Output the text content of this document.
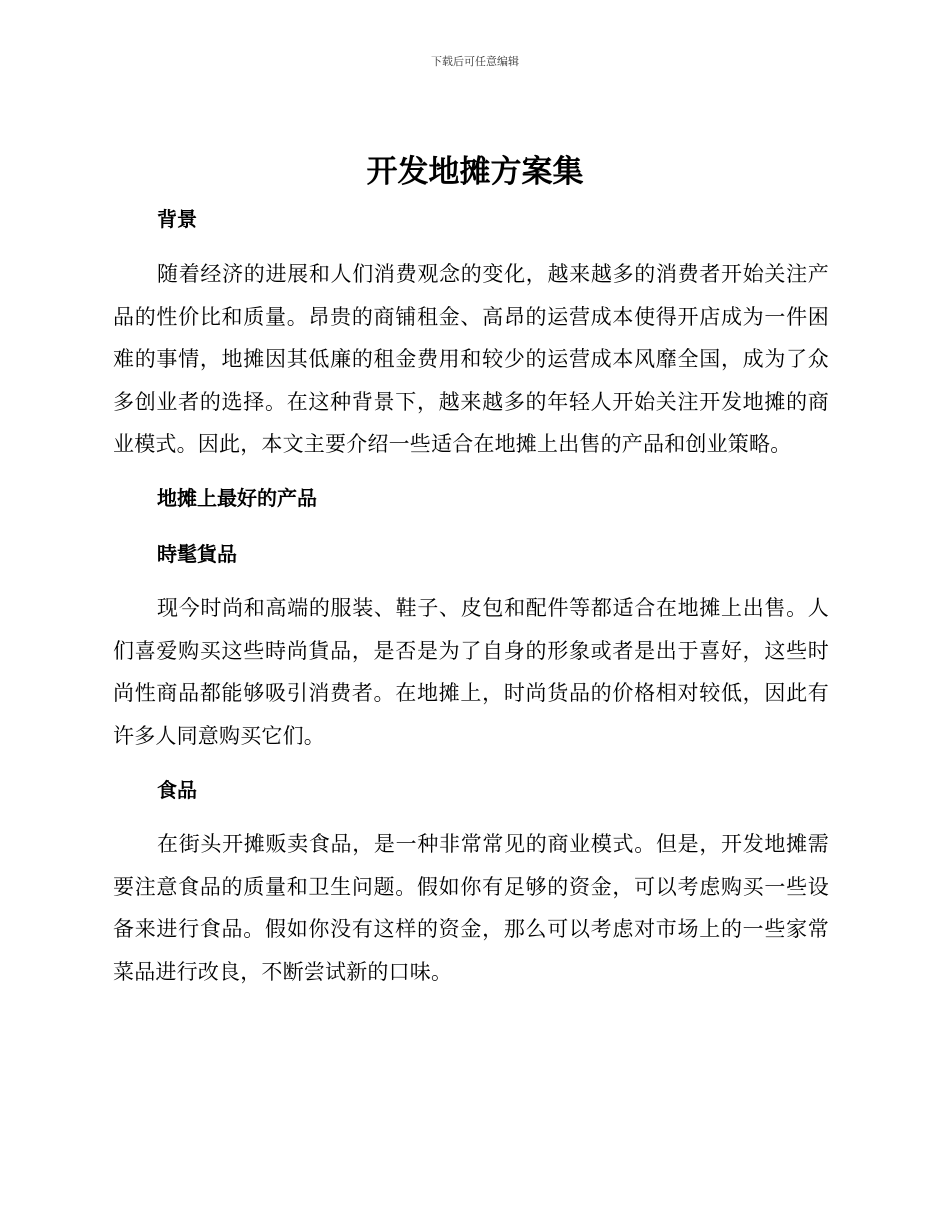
下载后可任意编辑
开发地摊方案集
背景

随着经济的进展和人们消费观念的变化，越来越多的消费者开始关注产品的性价比和质量。昂贵的商铺租金、高昂的运营成本使得开店成为一件困难的事情，地摊因其低廉的租金费用和较少的运营成本风靡全国，成为了众多创业者的选择。在这种背景下，越来越多的年轻人开始关注开发地摊的商业模式。因此，本文主要介绍一些适合在地摊上出售的产品和创业策略。

地摊上最好的产品
時髦貨品

现今时尚和高端的服装、鞋子、皮包和配件等都适合在地摊上出售。人们喜爱购买这些時尚貨品，是否是为了自身的形象或者是出于喜好，这些时尚性商品都能够吸引消费者。在地摊上，时尚货品的价格相对较低，因此有许多人同意购买它们。

食品

在街头开摊贩卖食品，是一种非常常见的商业模式。但是，开发地摊需要注意食品的质量和卫生问题。假如你有足够的资金，可以考虑购买一些设备来进行食品。假如你没有这样的资金，那么可以考虑对市场上的一些家常菜品进行改良，不断尝试新的口味。
